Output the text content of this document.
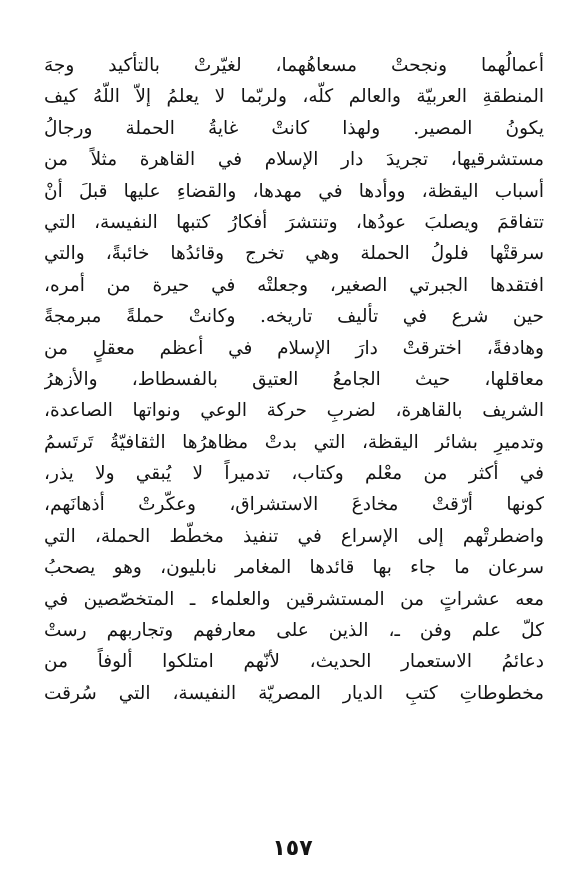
أعمالُهما ونجحتْ مسعاهُهما، لغيّرتْ بالتأكيد وجهَ
المنطقةِ العربيّة والعالم كلّه، ولربّما لا يعلمُ إلاّ اللّهُ كيف
يكونُ المصير. ولهذا كانتْ غايةُ الحملة ورجالُ
مستشرقيها، تجريدَ دار الإسلام في القاهرة مثلاً من
أسباب اليقظة، ووأدها في مهدها، والقضاءِ عليها قبلَ أنْ
تتفاقمَ ويصلبَ عودُها، وتنتشرَ أفكارُ كتبها النفيسة، التي
سرقتْها فلولُ الحملة وهي تخرج وقائدُها خائبةً، والتي
افتقدها الجبرتي الصغير، وجعلتْه في حيرة من أمره،
حين شرع في تأليف تاريخه. وكانتْ حملةً مبرمجةً
وهادفةً، اخترقتْ دارَ الإسلام في أعظم معقلٍ من
معاقلها، حيث الجامعُ العتيق بالفسطاط، والأزهرُ
الشريف بالقاهرة، لضربِ حركة الوعي ونواتها الصاعدة،
وتدميرِ بشائر اليقظة، التي بدتْ مظاهرُها الثقافيّةُ تَرتَسمُ
في أكثر من معْلم وكتاب، تدميراً لا يُبقي ولا يذر،
كونها أرّقتْ مخادعَ الاستشراق، وعكّرتْ أذهانَهم،
واضطرتْهم إلى الإسراع في تنفيذ مخطّط الحملة، التي
سرعان ما جاء بها قائدها المغامر نابليون، وهو يصحبُ
معه عشراتٍ من المستشرقين والعلماء ـ المتخصّصين في
كلّ علم وفن ـ، الذين على معارفهم وتجاربهم رستْ
دعائمُ الاستعمار الحديث، لأنّهم امتلكوا ألوفاً من
مخطوطاتِ كتبِ الديار المصريّة النفيسة، التي سُرقت
١٥٧
